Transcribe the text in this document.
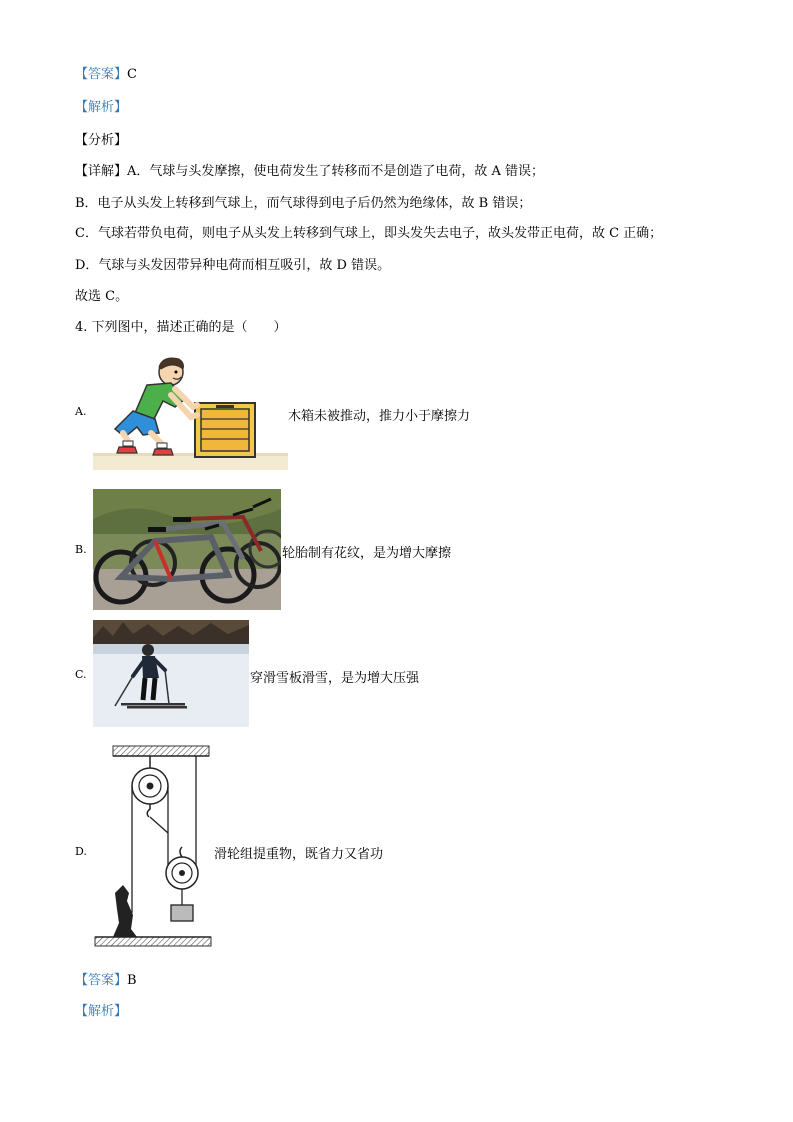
【答案】C
【解析】
【分析】
【详解】A．气球与头发摩擦，使电荷发生了转移而不是创造了电荷，故 A 错误；
B．电子从头发上转移到气球上，而气球得到电子后仍然为绝缘体，故 B 错误；
C．气球若带负电荷，则电子从头发上转移到气球上，即头发失去电子，故头发带正电荷，故 C 正确；
D．气球与头发因带异种电荷而相互吸引，故 D 错误。
故选 C。
4. 下列图中，描述正确的是（　　）
A.	木箱未被推动，推力小于摩擦力
B.	轮胎制有花纹，是为增大摩擦
C.	穿滑雪板滑雪，是为增大压强
D.	滑轮组提重物，既省力又省功
【答案】B
【解析】
